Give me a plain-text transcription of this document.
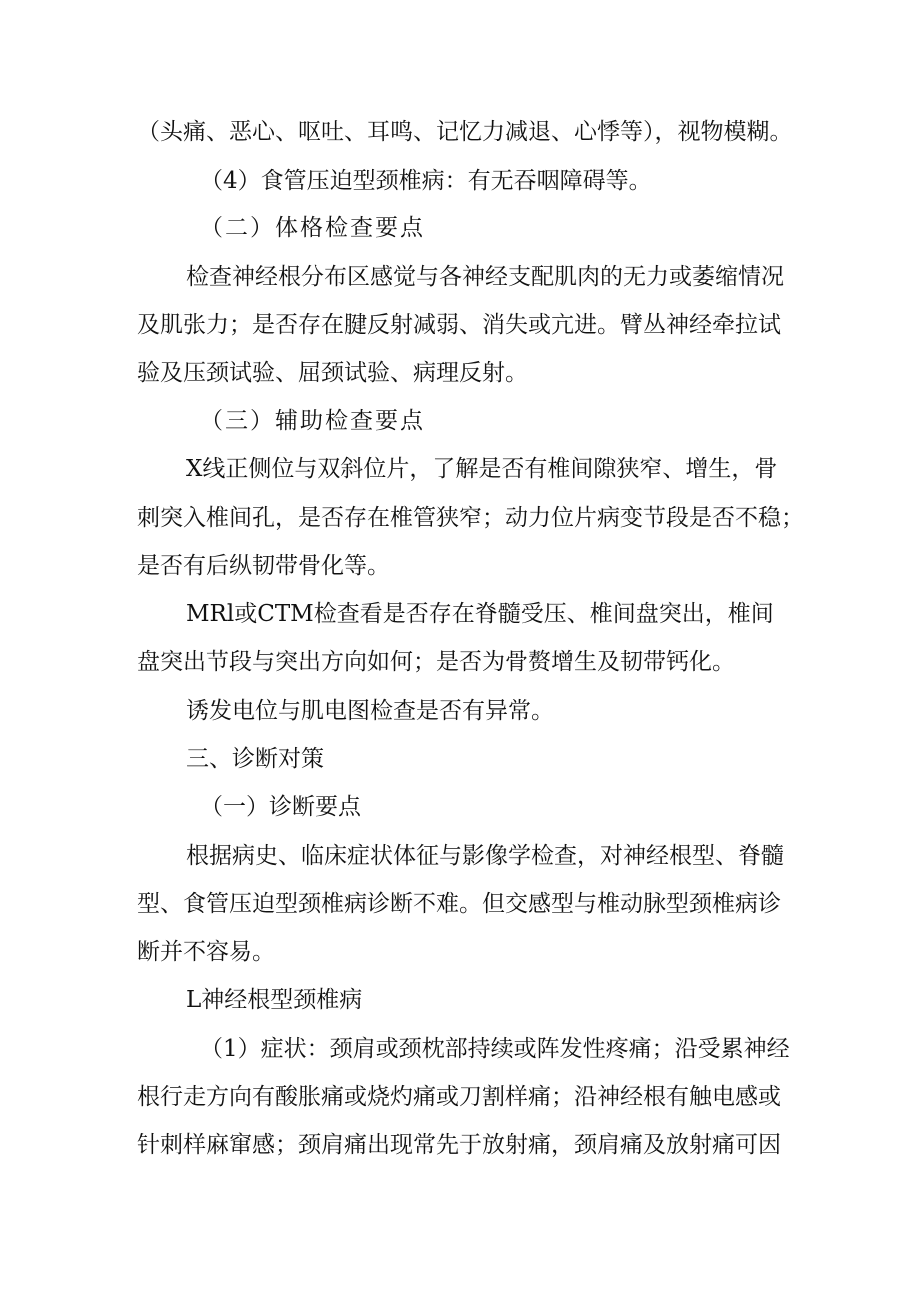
（头痛、恶心、呕吐、耳鸣、记忆力减退、心悸等），视物模糊。
（4）食管压迫型颈椎病：有无吞咽障碍等。
（二）体格检查要点
检查神经根分布区感觉与各神经支配肌肉的无力或萎缩情况
及肌张力；是否存在腱反射减弱、消失或亢进。臂丛神经牵拉试
验及压颈试验、屈颈试验、病理反射。
（三）辅助检查要点
X线正侧位与双斜位片，了解是否有椎间隙狭窄、增生，骨
刺突入椎间孔，是否存在椎管狭窄；动力位片病变节段是否不稳；
是否有后纵韧带骨化等。
MRl或CTM检查看是否存在脊髓受压、椎间盘突出，椎间
盘突出节段与突出方向如何；是否为骨赘增生及韧带钙化。
诱发电位与肌电图检查是否有异常。
三、诊断对策
（一）诊断要点
根据病史、临床症状体征与影像学检查，对神经根型、脊髓
型、食管压迫型颈椎病诊断不难。但交感型与椎动脉型颈椎病诊
断并不容易。
L神经根型颈椎病
（1）症状：颈肩或颈枕部持续或阵发性疼痛；沿受累神经
根行走方向有酸胀痛或烧灼痛或刀割样痛；沿神经根有触电感或
针刺样麻窜感；颈肩痛出现常先于放射痛，颈肩痛及放射痛可因
